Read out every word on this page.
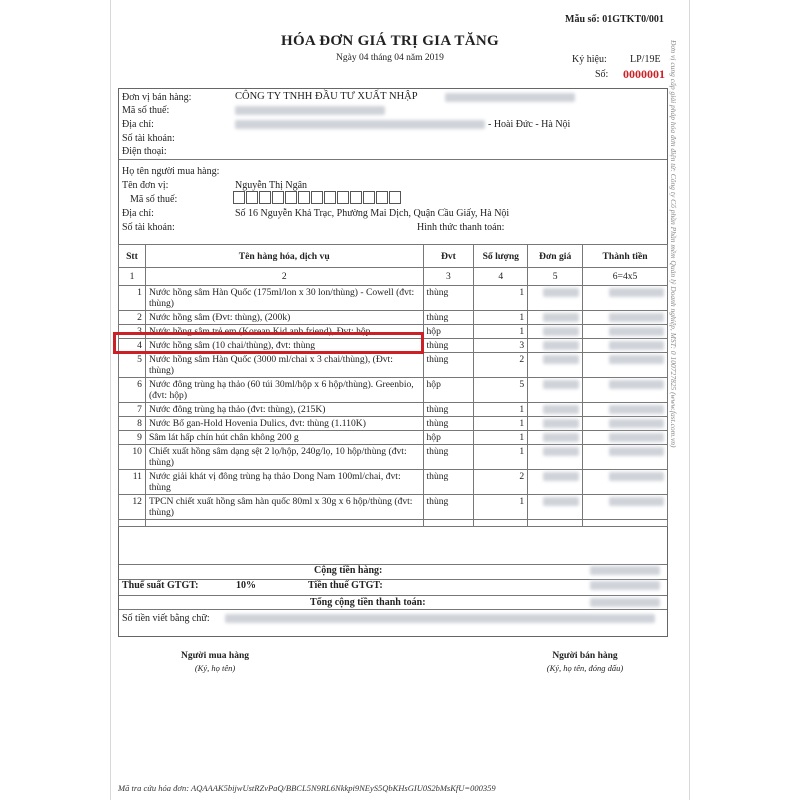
Mẫu số: 01GTKT0/001
HÓA ĐƠN GIÁ TRỊ GIA TĂNG
Ngày 04 tháng 04 năm 2019	Ký hiệu: LP/19E
Số: 0000001
Đơn vị bán hàng:	CÔNG TY TNHH ĐẦU TƯ XUẤT NHẬP
Mã số thuế:
Địa chỉ:	- Hoài Đức - Hà Nội
Số tài khoản:
Điện thoại:
Họ tên người mua hàng:
Tên đơn vị:	Nguyễn Thị Ngân
Mã số thuế:
Địa chỉ:	Số 16 Nguyễn Khả Trạc, Phường Mai Dịch, Quận Cầu Giấy, Hà Nội
Số tài khoản:	Hình thức thanh toán:
Stt	Tên hàng hóa, dịch vụ	Đvt	Số lượng	Đơn giá	Thành tiền
1	2	3	4	5	6=4x5
1	Nước hồng sâm Hàn Quốc (175ml/lon x 30 lon/thùng) - Cowell (đvt: thùng)	thùng	1		
2	Nước hồng sâm (Đvt: thùng), (200k)	thùng	1		
3	Nước hồng sâm trẻ em (Korean Kid anh friend), Đvt: hộp	hộp	1		
4	Nước hồng sâm (10 chai/thùng), đvt: thùng	thùng	3		
5	Nước hồng sâm Hàn Quốc (3000 ml/chai x 3 chai/thùng), (Đvt: thùng)	thùng	2		
6	Nước đông trùng hạ thảo (60 túi 30ml/hộp x 6 hộp/thùng). Greenbio, (đvt: hộp)	hộp	5		
7	Nước đông trùng hạ thảo (đvt: thùng), (215K)	thùng	1		
8	Nước Bổ gan-Hold Hovenia Dulics, đvt: thùng (1.110K)	thùng	1		
9	Sâm lát hấp chín hút chân không 200 g	hộp	1		
10	Chiết xuất hồng sâm dạng sệt 2 lọ/hộp, 240g/lọ, 10 hộp/thùng (đvt: thùng)	thùng	1		
11	Nước giải khát vị đông trùng hạ thảo Dong Nam 100ml/chai, đvt: thùng	thùng	2		
12	TPCN chiết xuất hồng sâm hàn quốc 80ml x 30g x 6 hộp/thùng (đvt: thùng)	thùng	1		

Cộng tiền hàng:
Thuế suất GTGT:	10%	Tiền thuế GTGT:
Tổng cộng tiền thanh toán:
Số tiền viết bằng chữ:
Người mua hàng
(Ký, họ tên)
Người bán hàng
(Ký, họ tên, đóng dấu)
Đơn vị cung cấp giải pháp hóa đơn điện tử: Công ty Cổ phần Phần mềm Quản lý Doanh nghiệp, MST: 0 100727825 (www.fast.com.vn)
Mã tra cứu hóa đơn: AQAAAK5bijwUstRZvPaQ/BBCL5N9RL6Nkkpi9NEyS5QbKHsGIU0S2bMsKfU=000359
